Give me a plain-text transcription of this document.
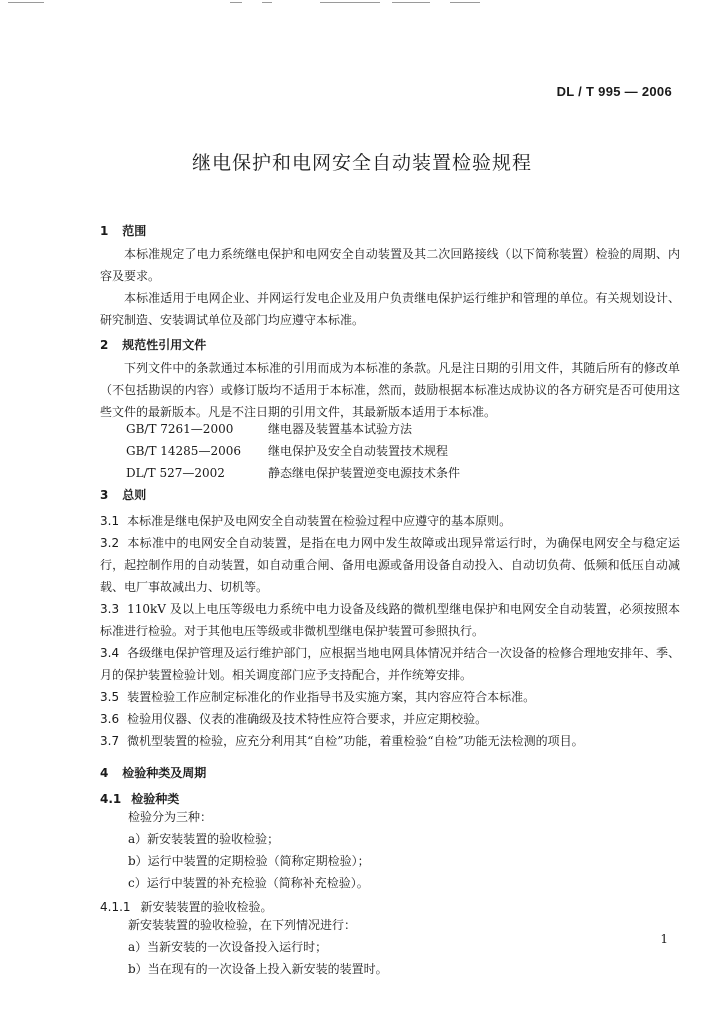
DL / T 995 — 2006
继电保护和电网安全自动装置检验规程
1 范围
本标准规定了电力系统继电保护和电网安全自动装置及其二次回路接线（以下简称装置）检验的周期、内容及要求。
本标准适用于电网企业、并网运行发电企业及用户负责继电保护运行维护和管理的单位。有关规划设计、研究制造、安装调试单位及部门均应遵守本标准。
2 规范性引用文件
下列文件中的条款通过本标准的引用而成为本标准的条款。凡是注日期的引用文件，其随后所有的修改单（不包括勘误的内容）或修订版均不适用于本标准，然而，鼓励根据本标准达成协议的各方研究是否可使用这些文件的最新版本。凡是不注日期的引用文件，其最新版本适用于本标准。
GB/T 7261—2000	继电器及装置基本试验方法
GB/T 14285—2006 继电保护及安全自动装置技术规程
DL/T 527—2002	静态继电保护装置逆变电源技术条件
3 总则
3.1 本标准是继电保护及电网安全自动装置在检验过程中应遵守的基本原则。
3.2 本标准中的电网安全自动装置，是指在电力网中发生故障或出现异常运行时，为确保电网安全与稳定运行，起控制作用的自动装置，如自动重合闸、备用电源或备用设备自动投入、自动切负荷、低频和低压自动减载、电厂事故减出力、切机等。
3.3 110kV 及以上电压等级电力系统中电力设备及线路的微机型继电保护和电网安全自动装置，必须按照本标准进行检验。对于其他电压等级或非微机型继电保护装置可参照执行。
3.4 各级继电保护管理及运行维护部门，应根据当地电网具体情况并结合一次设备的检修合理地安排年、季、月的保护装置检验计划。相关调度部门应予支持配合，并作统筹安排。
3.5 装置检验工作应制定标准化的作业指导书及实施方案，其内容应符合本标准。
3.6 检验用仪器、仪表的准确级及技术特性应符合要求，并应定期校验。
3.7 微机型装置的检验，应充分利用其“自检”功能，着重检验“自检”功能无法检测的项目。
4 检验种类及周期
4.1 检验种类
检验分为三种：
a）新安装装置的验收检验；
b）运行中装置的定期检验（简称定期检验）；
c）运行中装置的补充检验（简称补充检验）。
4.1.1 新安装装置的验收检验。
新安装装置的验收检验，在下列情况进行：
a）当新安装的一次设备投入运行时；
b）当在现有的一次设备上投入新安装的装置时。
1
